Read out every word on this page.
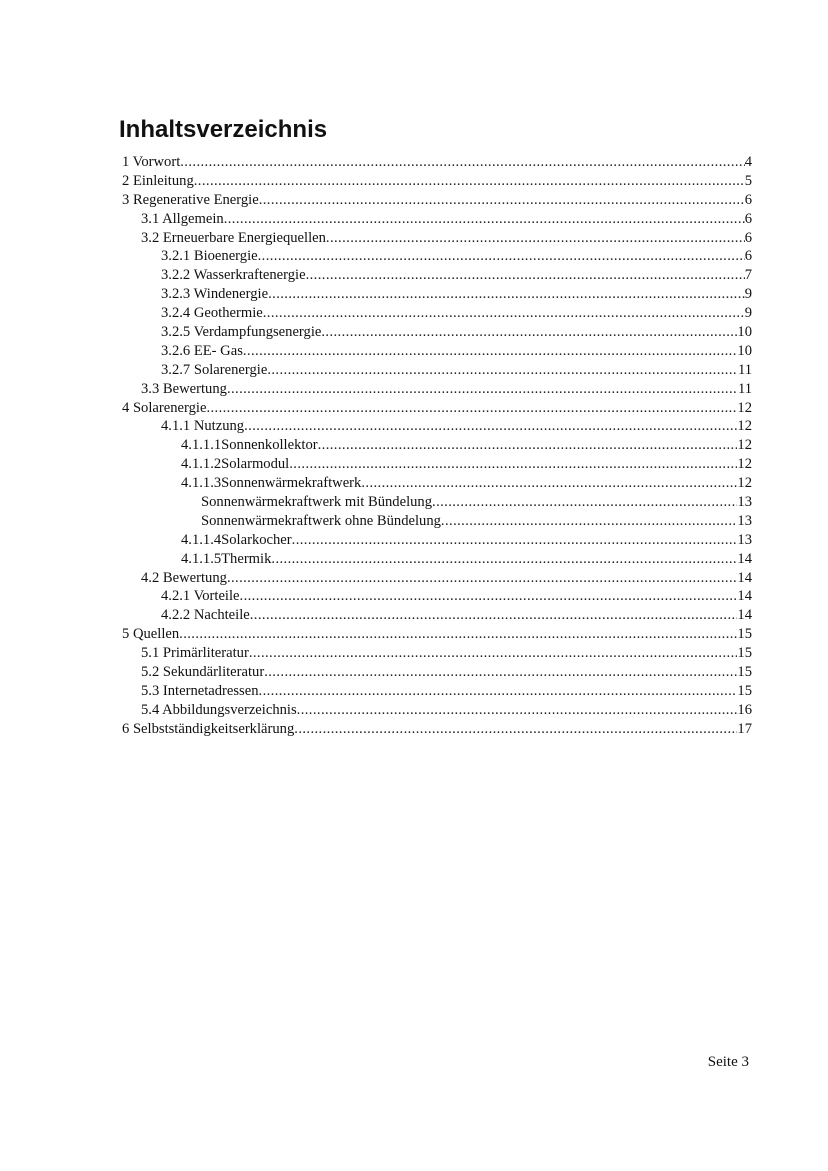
Inhaltsverzeichnis
1 Vorwort .....	4
2 Einleitung .....	5
3 Regenerative Energie .....	6
3.1 Allgemein .....	6
3.2 Erneuerbare Energiequellen .....	6
3.2.1 Bioenergie .....	6
3.2.2 Wasserkraftenergie .....	7
3.2.3 Windenergie .....	9
3.2.4 Geothermie .....	9
3.2.5 Verdampfungsenergie .....	10
3.2.6 EE- Gas .....	10
3.2.7 Solarenergie .....	11
3.3 Bewertung .....	11
4 Solarenergie .....	12
4.1.1 Nutzung .....	12
4.1.1.1Sonnenkollektor .....	12
4.1.1.2Solarmodul .....	12
4.1.1.3Sonnenwärmekraftwerk .....	12
Sonnenwärmekraftwerk mit Bündelung .....	13
Sonnenwärmekraftwerk ohne Bündelung .....	13
4.1.1.4Solarkocher .....	13
4.1.1.5Thermik .....	14
4.2 Bewertung .....	14
4.2.1 Vorteile .....	14
4.2.2 Nachteile .....	14
5 Quellen .....	15
5.1 Primärliteratur .....	15
5.2 Sekundärliteratur .....	15
5.3 Internetadressen .....	15
5.4 Abbildungsverzeichnis .....	16
6 Selbstständigkeitserklärung .....	17
Seite 3
